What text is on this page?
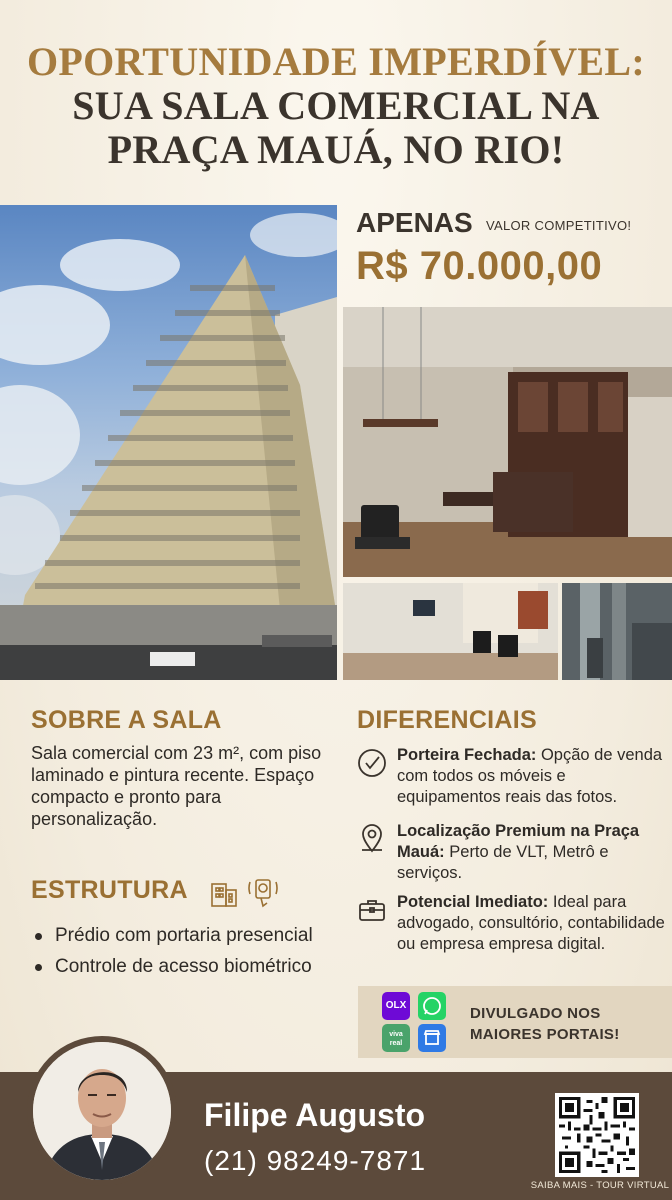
OPORTUNIDADE IMPERDÍVEL:
SUA SALA COMERCIAL NA
PRAÇA MAUÁ, NO RIO!
APENAS VALOR COMPETITIVO!
R$ 70.000,00
SOBRE A SALA

Sala comercial com 23 m², com piso laminado e pintura recente. Espaço compacto e pronto para personalização.

ESTRUTURA
Prédio com portaria presencial
Controle de acesso biométrico
DIFERENCIAIS

Porteira Fechada: Opção de venda com todos os móveis e equipamentos reais das fotos.

Localização Premium na Praça Mauá: Perto de VLT, Metrô e serviços.

Potencial Imediato: Ideal para advogado, consultório, contabilidade ou empresa empresa digital.

OLX
viva real
DIVULGADO NOS MAIORES PORTAIS!
Filipe Augusto
(21) 98249-7871
SAIBA MAIS - TOUR VIRTUAL
